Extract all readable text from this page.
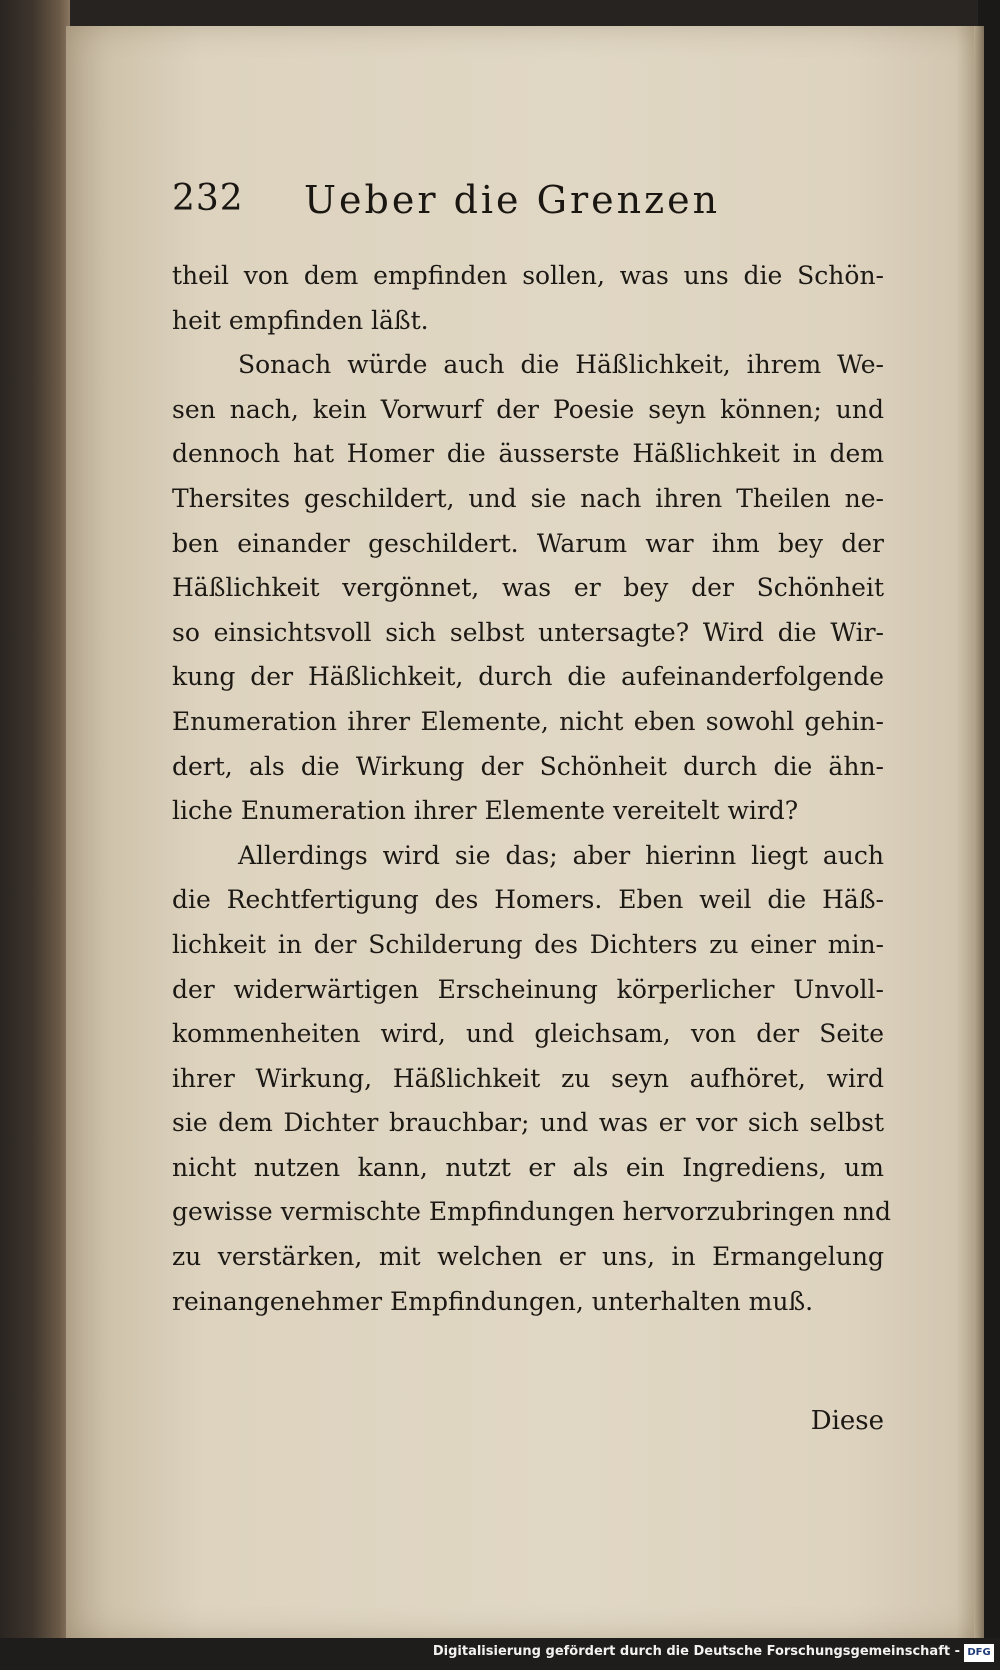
232 Ueber die Grenzen
theil von dem empfinden sollen, was uns die Schön-
heit empfinden läßt.
Sonach würde auch die Häßlichkeit, ihrem We-
sen nach, kein Vorwurf der Poesie seyn können; und
dennoch hat Homer die äusserste Häßlichkeit in dem
Thersites geschildert, und sie nach ihren Theilen ne-
ben einander geschildert. Warum war ihm bey der
Häßlichkeit vergönnet, was er bey der Schönheit
so einsichtsvoll sich selbst untersagte? Wird die Wir-
kung der Häßlichkeit, durch die aufeinanderfolgende
Enumeration ihrer Elemente, nicht eben sowohl gehin-
dert, als die Wirkung der Schönheit durch die ähn-
liche Enumeration ihrer Elemente vereitelt wird?
Allerdings wird sie das; aber hierinn liegt auch
die Rechtfertigung des Homers. Eben weil die Häß-
lichkeit in der Schilderung des Dichters zu einer min-
der widerwärtigen Erscheinung körperlicher Unvoll-
kommenheiten wird, und gleichsam, von der Seite
ihrer Wirkung, Häßlichkeit zu seyn aufhöret, wird
sie dem Dichter brauchbar; und was er vor sich selbst
nicht nutzen kann, nutzt er als ein Ingrediens, um
gewisse vermischte Empfindungen hervorzubringen nnd
zu verstärken, mit welchen er uns, in Ermangelung
reinangenehmer Empfindungen, unterhalten muß.
Diese
Digitalisierung gefördert durch die Deutsche Forschungsgemeinschaft - DFG
